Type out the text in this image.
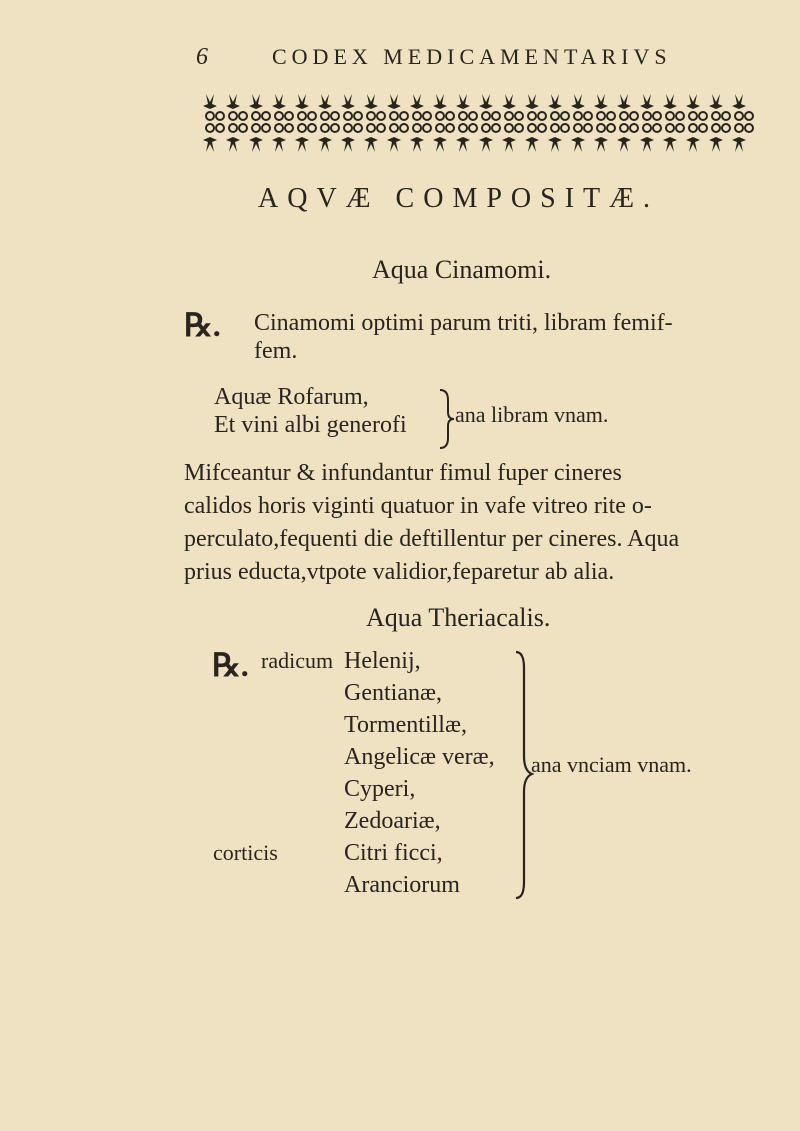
6	CODEX MEDICAMENTARIVS
AQVÆ COMPOSITÆ.
Aqua Cinamomi.
℞. Cinamomi optimi parum triti, libram femif-
fem.
Aquæ Rofarum,
Et vini albi generofi ana libram vnam.
Mifceantur & infundantur fimul fuper cineres
calidos horis viginti quatuor in vafe vitreo rite o-
perculato,fequenti die deftillentur per cineres. Aqua
prius educta,vtpote validior,feparetur ab alia.
Aqua Theriacalis.
℞. radicum
corticis
Helenij,
Gentianæ,
Tormentillæ,
Angelicæ veræ,
Cyperi,
Zedoariæ,
Citri ficci,
Aranciorum
ana vnciam vnam.
